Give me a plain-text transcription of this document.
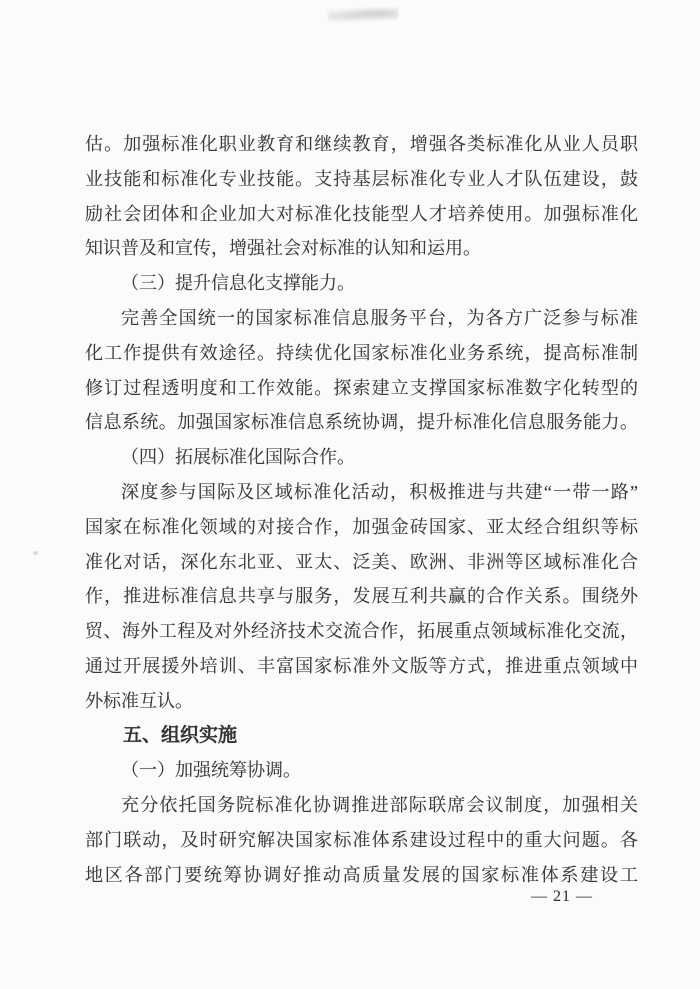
估。加强标准化职业教育和继续教育，增强各类标准化从业人员职
业技能和标准化专业技能。支持基层标准化专业人才队伍建设，鼓
励社会团体和企业加大对标准化技能型人才培养使用。加强标准化
知识普及和宣传，增强社会对标准的认知和运用。
（三）提升信息化支撑能力。
完善全国统一的国家标准信息服务平台，为各方广泛参与标准
化工作提供有效途径。持续优化国家标准化业务系统，提高标准制
修订过程透明度和工作效能。探索建立支撑国家标准数字化转型的
信息系统。加强国家标准信息系统协调，提升标准化信息服务能力。
（四）拓展标准化国际合作。
深度参与国际及区域标准化活动，积极推进与共建“一带一路”
国家在标准化领域的对接合作，加强金砖国家、亚太经合组织等标
准化对话，深化东北亚、亚太、泛美、欧洲、非洲等区域标准化合
作，推进标准信息共享与服务，发展互利共赢的合作关系。围绕外
贸、海外工程及对外经济技术交流合作，拓展重点领域标准化交流，
通过开展援外培训、丰富国家标准外文版等方式，推进重点领域中
外标准互认。
五、组织实施
（一）加强统筹协调。
充分依托国务院标准化协调推进部际联席会议制度，加强相关
部门联动，及时研究解决国家标准体系建设过程中的重大问题。各
地区各部门要统筹协调好推动高质量发展的国家标准体系建设工
— 21 —
